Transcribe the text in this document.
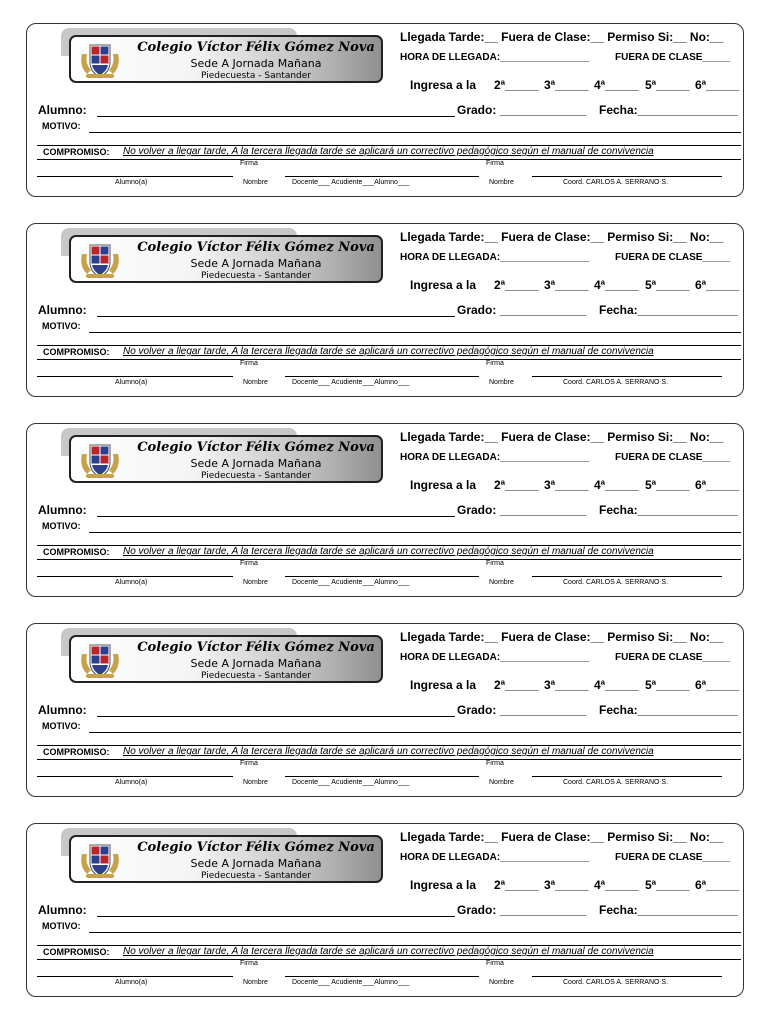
Colegio Víctor Félix Gómez Nova
Sede A Jornada Mañana
Piedecuesta - Santander
Llegada Tarde:__ Fuera de Clase:__ Permiso Si:__ No:__
HORA DE LLEGADA:________________	FUERA DE CLASE_____
Ingresa a la 2ª_____ 3ª_____ 4ª_____ 5ª_____ 6ª_____
Alumno:	Grado: _____________ Fecha:_______________
MOTIVO:
COMPROMISO: No volver a llegar tarde, A la tercera llegada tarde se aplicará un correctivo pedagógico según el manual de convivencia
Firma	Firma
Alumno(a)	Nombre	Docente___ Acudiente___Alumno___	Nombre	Coord. CARLOS A. SERRANO S.
Colegio Víctor Félix Gómez Nova
Sede A Jornada Mañana
Piedecuesta - Santander
Llegada Tarde:__ Fuera de Clase:__ Permiso Si:__ No:__
HORA DE LLEGADA:________________	FUERA DE CLASE_____
Ingresa a la 2ª_____ 3ª_____ 4ª_____ 5ª_____ 6ª_____
Alumno:	Grado: _____________ Fecha:_______________
MOTIVO:
COMPROMISO: No volver a llegar tarde, A la tercera llegada tarde se aplicará un correctivo pedagógico según el manual de convivencia
Firma	Firma
Alumno(a)	Nombre	Docente___ Acudiente___Alumno___	Nombre	Coord. CARLOS A. SERRANO S.
Colegio Víctor Félix Gómez Nova
Sede A Jornada Mañana
Piedecuesta - Santander
Llegada Tarde:__ Fuera de Clase:__ Permiso Si:__ No:__
HORA DE LLEGADA:________________	FUERA DE CLASE_____
Ingresa a la 2ª_____ 3ª_____ 4ª_____ 5ª_____ 6ª_____
Alumno:	Grado: _____________ Fecha:_______________
MOTIVO:
COMPROMISO: No volver a llegar tarde, A la tercera llegada tarde se aplicará un correctivo pedagógico según el manual de convivencia
Firma	Firma
Alumno(a)	Nombre	Docente___ Acudiente___Alumno___	Nombre	Coord. CARLOS A. SERRANO S.
Colegio Víctor Félix Gómez Nova
Sede A Jornada Mañana
Piedecuesta - Santander
Llegada Tarde:__ Fuera de Clase:__ Permiso Si:__ No:__
HORA DE LLEGADA:________________	FUERA DE CLASE_____
Ingresa a la 2ª_____ 3ª_____ 4ª_____ 5ª_____ 6ª_____
Alumno:	Grado: _____________ Fecha:_______________
MOTIVO:
COMPROMISO: No volver a llegar tarde, A la tercera llegada tarde se aplicará un correctivo pedagógico según el manual de convivencia
Firma	Firma
Alumno(a)	Nombre	Docente___ Acudiente___Alumno___	Nombre	Coord. CARLOS A. SERRANO S.
Colegio Víctor Félix Gómez Nova
Sede A Jornada Mañana
Piedecuesta - Santander
Llegada Tarde:__ Fuera de Clase:__ Permiso Si:__ No:__
HORA DE LLEGADA:________________	FUERA DE CLASE_____
Ingresa a la 2ª_____ 3ª_____ 4ª_____ 5ª_____ 6ª_____
Alumno:	Grado: _____________ Fecha:_______________
MOTIVO:
COMPROMISO: No volver a llegar tarde, A la tercera llegada tarde se aplicará un correctivo pedagógico según el manual de convivencia
Firma	Firma
Alumno(a)	Nombre	Docente___ Acudiente___Alumno___	Nombre	Coord. CARLOS A. SERRANO S.
